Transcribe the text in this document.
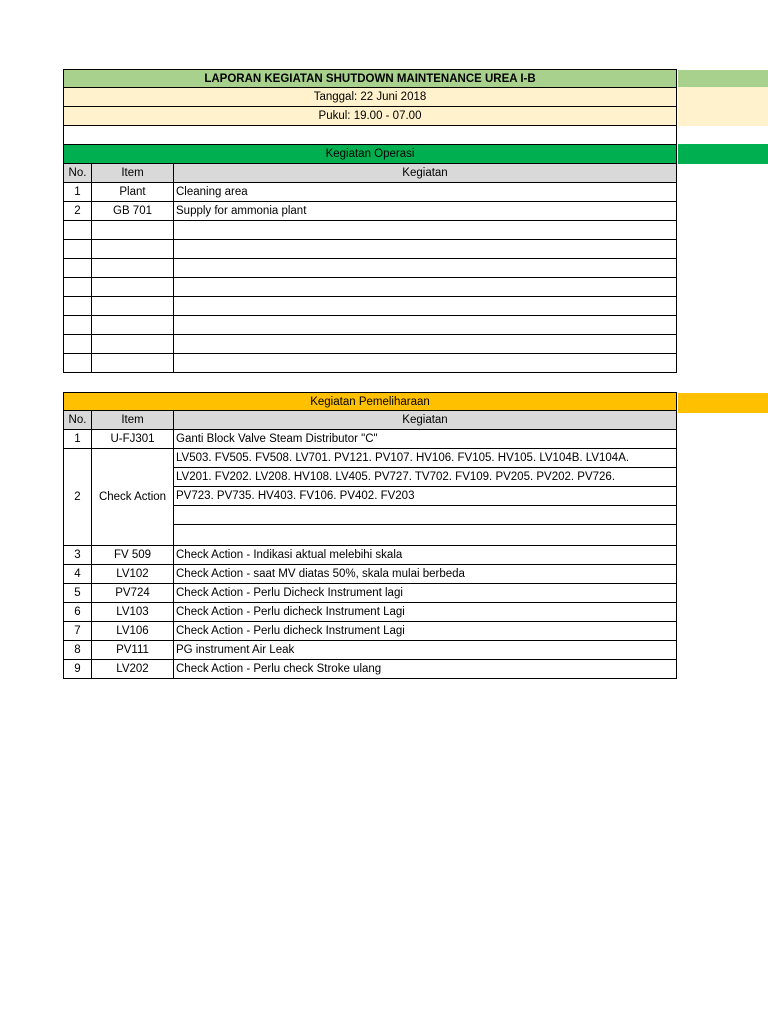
LAPORAN KEGIATAN SHUTDOWN MAINTENANCE UREA I-B
Tanggal: 22 Juni 2018
Pukul: 19.00 - 07.00
Kegiatan Operasi
No.	Item	Kegiatan
1	Plant	Cleaning area
2	GB 701	Supply for ammonia plant
Kegiatan Pemeliharaan
No.	Item	Kegiatan
1	U-FJ301	Ganti Block Valve Steam Distributor "C"
2	Check Action
LV503. FV505. FV508. LV701. PV121. PV107. HV106. FV105. HV105. LV104B. LV104A.
LV201. FV202. LV208. HV108. LV405. PV727. TV702. FV109. PV205. PV202. PV726.
PV723. PV735. HV403. FV106. PV402. FV203
3	FV 509	Check Action - Indikasi aktual melebihi skala
4	LV102	Check Action - saat MV diatas 50%, skala mulai berbeda
5	PV724	Check Action - Perlu Dicheck Instrument lagi
6	LV103	Check Action - Perlu dicheck Instrument Lagi
7	LV106	Check Action - Perlu dicheck Instrument Lagi
8	PV111	PG instrument Air Leak
9	LV202	Check Action - Perlu check Stroke ulang
